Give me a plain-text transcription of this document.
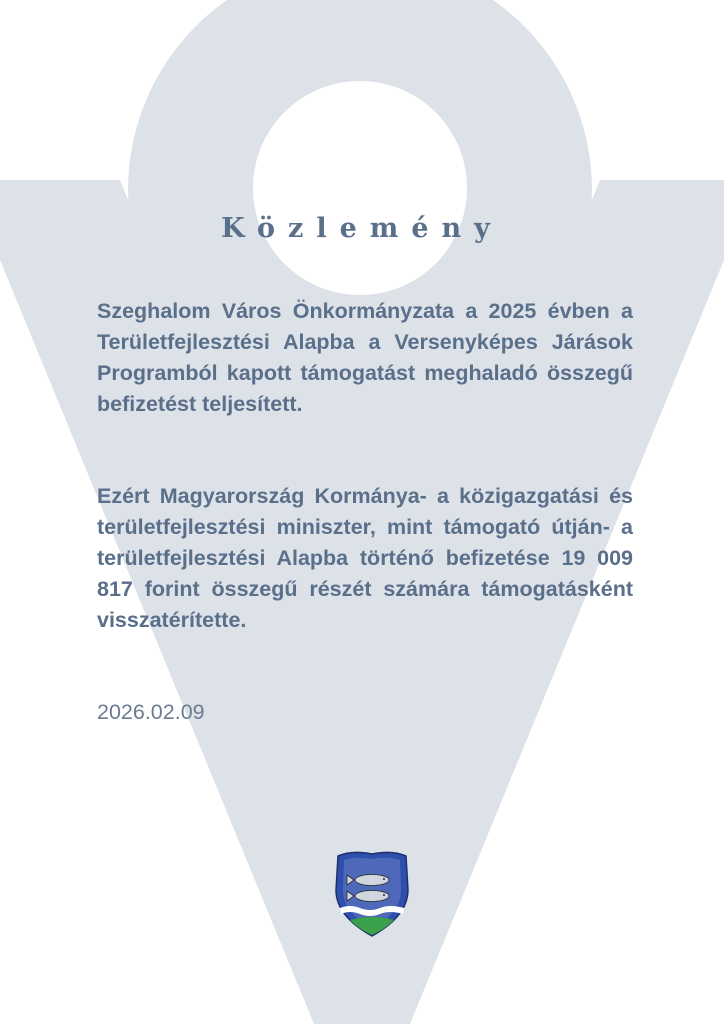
Közlemény
Szeghalom Város Önkormányzata a 2025 évben a Területfejlesztési Alapba a Versenyképes Járások Programból kapott támogatást meghaladó összegű befizetést teljesített.
Ezért Magyarország Kormánya- a közigazgatási és területfejlesztési miniszter, mint támogató útján- a területfejlesztési Alapba történő befizetése 19 009 817 forint összegű részét számára támogatásként visszatérítette.
2026.02.09
